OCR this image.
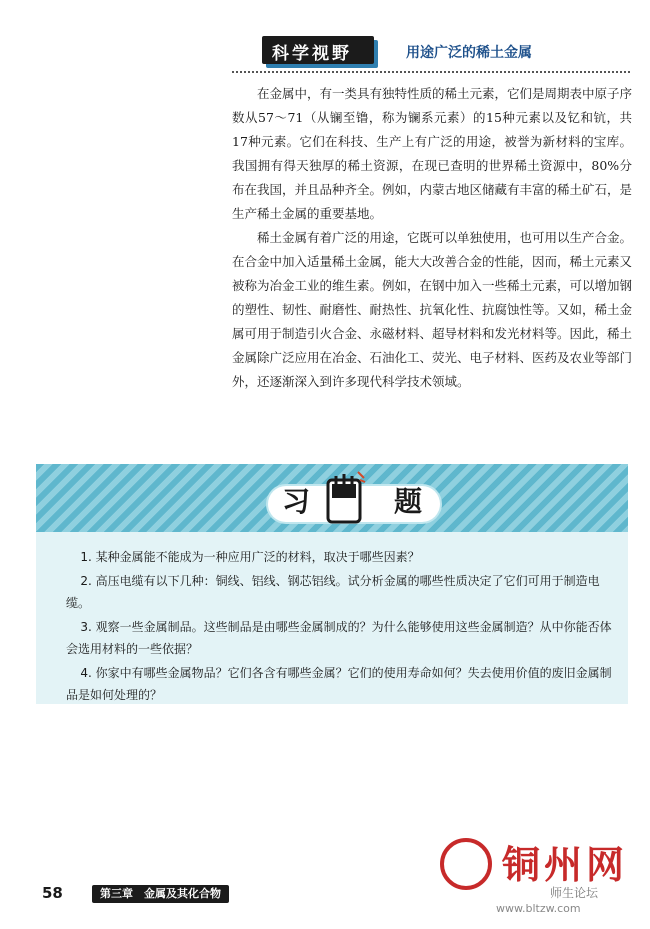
科学视野	用途广泛的稀土金属

在金属中，有一类具有独特性质的稀土元素，它们是周期表中原子序数从57～71（从镧至镥，称为镧系元素）的15种元素以及钇和钪，共17种元素。它们在科技、生产上有广泛的用途，被誉为新材料的宝库。我国拥有得天独厚的稀土资源，在现已查明的世界稀土资源中，80%分布在我国，并且品种齐全。例如，内蒙古地区储藏有丰富的稀土矿石，是生产稀土金属的重要基地。

稀土金属有着广泛的用途，它既可以单独使用，也可用以生产合金。在合金中加入适量稀土金属，能大大改善合金的性能，因而，稀土元素又被称为冶金工业的维生素。例如，在钢中加入一些稀土元素，可以增加钢的塑性、韧性、耐磨性、耐热性、抗氧化性、抗腐蚀性等。又如，稀土金属可用于制造引火合金、永磁材料、超导材料和发光材料等。因此，稀土金属除广泛应用在冶金、石油化工、荧光、电子材料、医药及农业等部门外，还逐渐深入到许多现代科学技术领域。

习	题

1. 某种金属能不能成为一种应用广泛的材料，取决于哪些因素？

2. 高压电缆有以下几种：铜线、铝线、钢芯铝线。试分析金属的哪些性质决定了它们可用于制造电缆。

3. 观察一些金属制品。这些制品是由哪些金属制成的？为什么能够使用这些金属制造？从中你能否体会选用材料的一些依据？

4. 你家中有哪些金属物品？它们各含有哪些金属？它们的使用寿命如何？失去使用价值的废旧金属制品是如何处理的？

58	第三章　金属及其化合物
铜州网
师生论坛
www.bltzw.com
